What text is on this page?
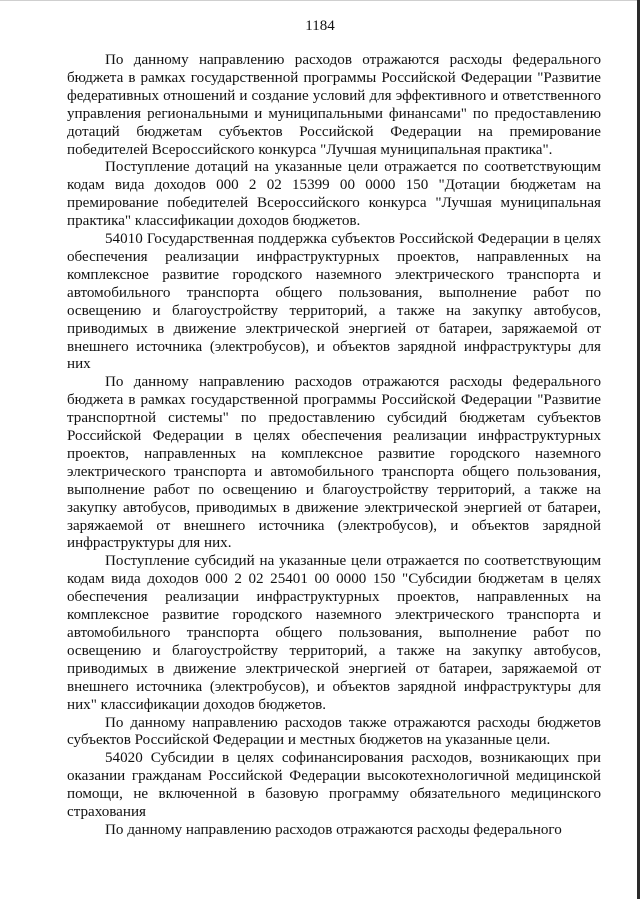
1184

По данному направлению расходов отражаются расходы федерального бюджета в рамках государственной программы Российской Федерации "Развитие федеративных отношений и создание условий для эффективного и ответственного управления региональными и муниципальными финансами" по предоставлению дотаций бюджетам субъектов Российской Федерации на премирование победителей Всероссийского конкурса "Лучшая муниципальная практика".

Поступление дотаций на указанные цели отражается по соответствующим кодам вида доходов 000 2 02 15399 00 0000 150 "Дотации бюджетам на премирование победителей Всероссийского конкурса "Лучшая муниципальная практика" классификации доходов бюджетов.

54010 Государственная поддержка субъектов Российской Федерации в целях обеспечения реализации инфраструктурных проектов, направленных на комплексное развитие городского наземного электрического транспорта и автомобильного транспорта общего пользования, выполнение работ по освещению и благоустройству территорий, а также на закупку автобусов, приводимых в движение электрической энергией от батареи, заряжаемой от внешнего источника (электробусов), и объектов зарядной инфраструктуры для них

По данному направлению расходов отражаются расходы федерального бюджета в рамках государственной программы Российской Федерации "Развитие транспортной системы" по предоставлению субсидий бюджетам субъектов Российской Федерации в целях обеспечения реализации инфраструктурных проектов, направленных на комплексное развитие городского наземного электрического транспорта и автомобильного транспорта общего пользования, выполнение работ по освещению и благоустройству территорий, а также на закупку автобусов, приводимых в движение электрической энергией от батареи, заряжаемой от внешнего источника (электробусов), и объектов зарядной инфраструктуры для них.

Поступление субсидий на указанные цели отражается по соответствующим кодам вида доходов 000 2 02 25401 00 0000 150 "Субсидии бюджетам в целях обеспечения реализации инфраструктурных проектов, направленных на комплексное развитие городского наземного электрического транспорта и автомобильного транспорта общего пользования, выполнение работ по освещению и благоустройству территорий, а также на закупку автобусов, приводимых в движение электрической энергией от батареи, заряжаемой от внешнего источника (электробусов), и объектов зарядной инфраструктуры для них" классификации доходов бюджетов.

По данному направлению расходов также отражаются расходы бюджетов субъектов Российской Федерации и местных бюджетов на указанные цели.

54020 Субсидии в целях софинансирования расходов, возникающих при оказании гражданам Российской Федерации высокотехнологичной медицинской помощи, не включенной в базовую программу обязательного медицинского страхования

По данному направлению расходов отражаются расходы федерального
